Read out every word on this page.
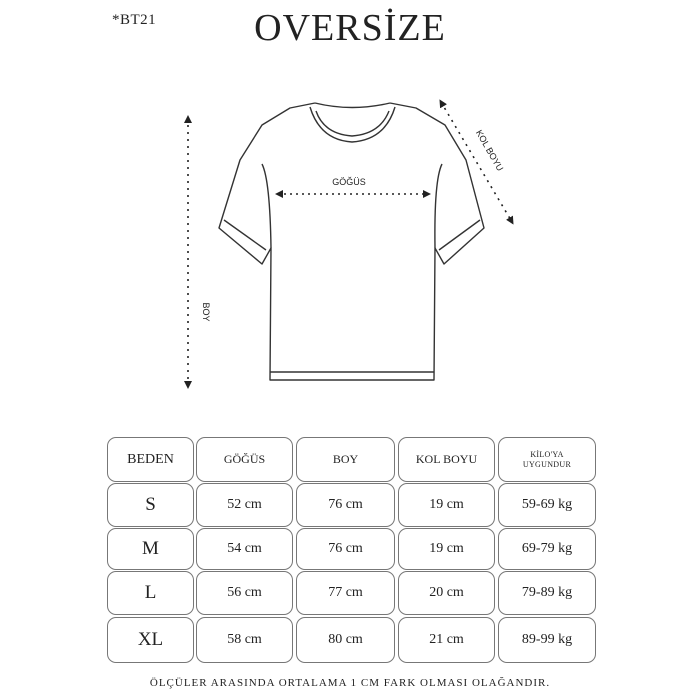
*BT21	OVERSİZE
GÖĞÜS
BOY
KOL BOYU
BEDEN	GÖĞÜS	BOY	KOL BOYU	KİLO'YA UYGUNDUR
S	52 cm	76 cm	19 cm	59-69 kg
M	54 cm	76 cm	19 cm	69-79 kg
L	56 cm	77 cm	20 cm	79-89 kg
XL	58 cm	80 cm	21 cm	89-99 kg
ÖLÇÜLER ARASINDA ORTALAMA 1 CM FARK OLMASI OLAĞANDIR.
